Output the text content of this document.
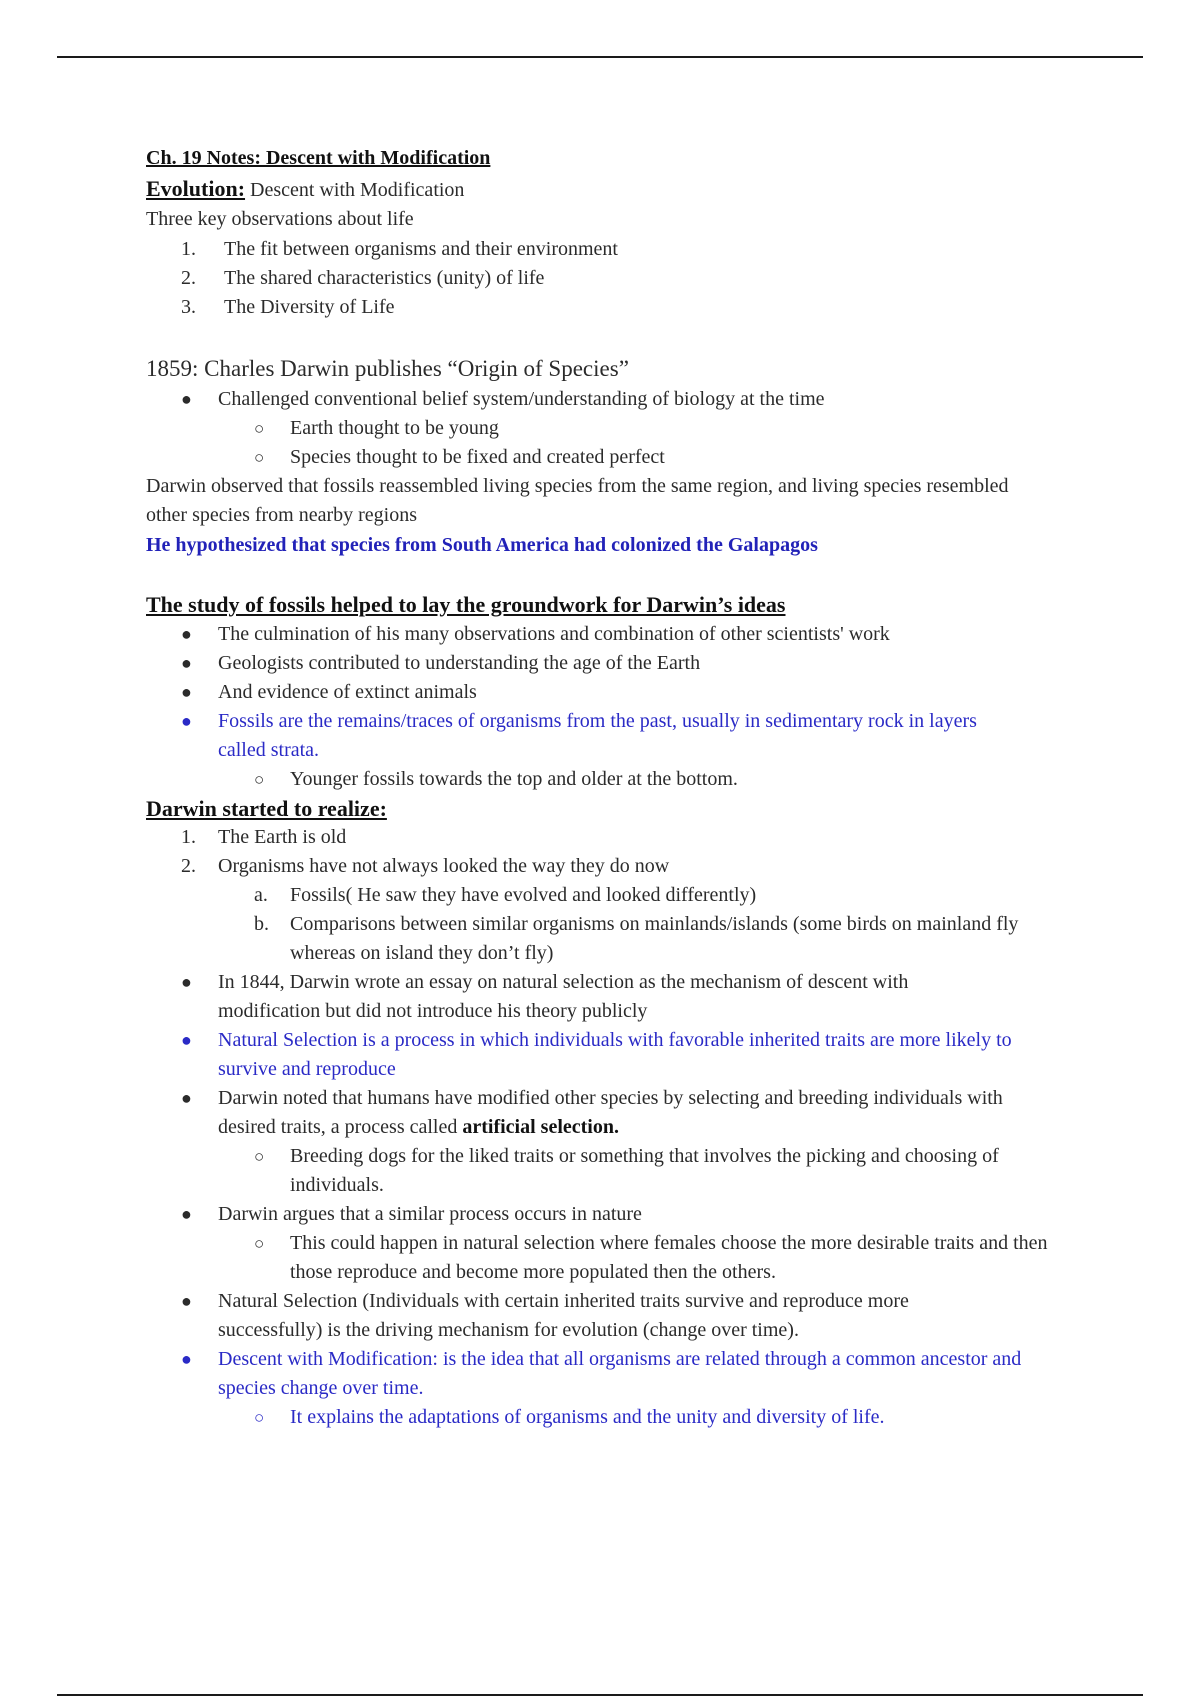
Ch. 19 Notes: Descent with Modification
Evolution: Descent with Modification
Three key observations about life
1. The fit between organisms and their environment
2. The shared characteristics (unity) of life
3. The Diversity of Life
1859: Charles Darwin publishes “Origin of Species”
● Challenged conventional belief system/understanding of biology at the time
○ Earth thought to be young
○ Species thought to be fixed and created perfect
Darwin observed that fossils reassembled living species from the same region, and living species resembled other species from nearby regions
He hypothesized that species from South America had colonized the Galapagos
The study of fossils helped to lay the groundwork for Darwin’s ideas
● The culmination of his many observations and combination of other scientists' work
● Geologists contributed to understanding the age of the Earth
● And evidence of extinct animals
● Fossils are the remains/traces of organisms from the past, usually in sedimentary rock in layers called strata.
○ Younger fossils towards the top and older at the bottom.
Darwin started to realize:
1. The Earth is old
2. Organisms have not always looked the way they do now
a. Fossils( He saw they have evolved and looked differently)
b. Comparisons between similar organisms on mainlands/islands (some birds on mainland fly whereas on island they don’t fly)
● In 1844, Darwin wrote an essay on natural selection as the mechanism of descent with modification but did not introduce his theory publicly
● Natural Selection is a process in which individuals with favorable inherited traits are more likely to survive and reproduce
● Darwin noted that humans have modified other species by selecting and breeding individuals with desired traits, a process called artificial selection.
○ Breeding dogs for the liked traits or something that involves the picking and choosing of individuals.
● Darwin argues that a similar process occurs in nature
○ This could happen in natural selection where females choose the more desirable traits and then those reproduce and become more populated then the others.
● Natural Selection (Individuals with certain inherited traits survive and reproduce more successfully) is the driving mechanism for evolution (change over time).
● Descent with Modification: is the idea that all organisms are related through a common ancestor and species change over time.
○ It explains the adaptations of organisms and the unity and diversity of life.
